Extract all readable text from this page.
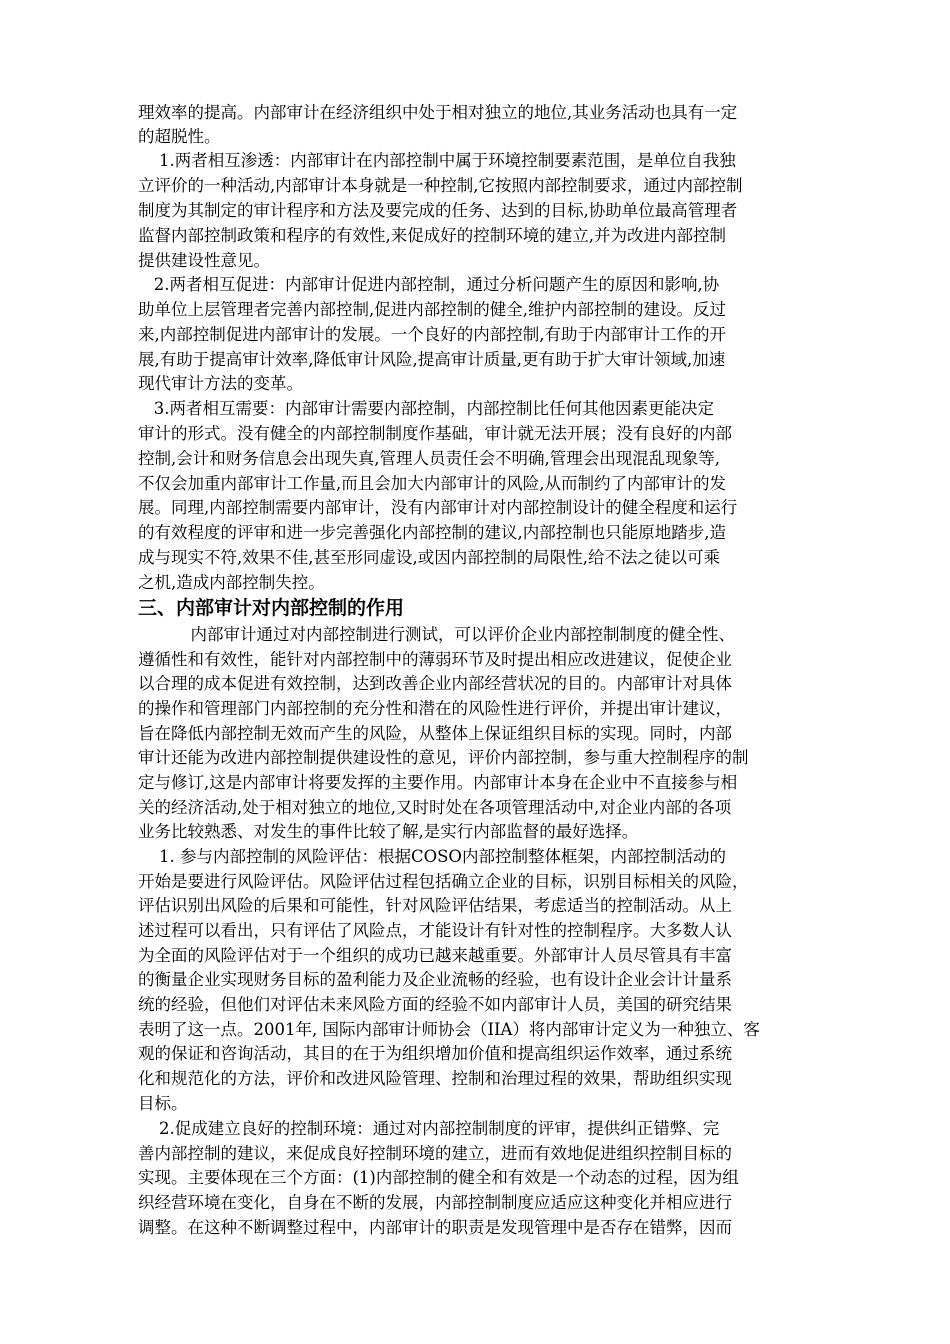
理效率的提高。内部审计在经济组织中处于相对独立的地位,其业务活动也具有一定
的超脱性。
1.两者相互渗透：内部审计在内部控制中属于环境控制要素范围，是单位自我独
立评价的一种活动,内部审计本身就是一种控制,它按照内部控制要求，通过内部控制
制度为其制定的审计程序和方法及要完成的任务、达到的目标,协助单位最高管理者
监督内部控制政策和程序的有效性,来促成好的控制环境的建立,并为改进内部控制
提供建设性意见。
2.两者相互促进：内部审计促进内部控制，通过分析问题产生的原因和影响,协
助单位上层管理者完善内部控制,促进内部控制的健全,维护内部控制的建设。反过
来,内部控制促进内部审计的发展。一个良好的内部控制,有助于内部审计工作的开
展,有助于提高审计效率,降低审计风险,提高审计质量,更有助于扩大审计领域,加速
现代审计方法的变革。
3.两者相互需要：内部审计需要内部控制，内部控制比任何其他因素更能决定
审计的形式。没有健全的内部控制制度作基础，审计就无法开展；没有良好的内部
控制,会计和财务信息会出现失真,管理人员责任会不明确,管理会出现混乱现象等,
不仅会加重内部审计工作量,而且会加大内部审计的风险,从而制约了内部审计的发
展。同理,内部控制需要内部审计，没有内部审计对内部控制设计的健全程度和运行
的有效程度的评审和进一步完善强化内部控制的建议,内部控制也只能原地踏步,造
成与现实不符,效果不佳,甚至形同虚设,或因内部控制的局限性,给不法之徒以可乘
之机,造成内部控制失控。
三、内部审计对内部控制的作用
内部审计通过对内部控制进行测试，可以评价企业内部控制制度的健全性、
遵循性和有效性，能针对内部控制中的薄弱环节及时提出相应改进建议，促使企业
以合理的成本促进有效控制，达到改善企业内部经营状况的目的。内部审计对具体
的操作和管理部门内部控制的充分性和潜在的风险性进行评价，并提出审计建议，
旨在降低内部控制无效而产生的风险，从整体上保证组织目标的实现。同时，内部
审计还能为改进内部控制提供建设性的意见，评价内部控制，参与重大控制程序的制
定与修订,这是内部审计将要发挥的主要作用。内部审计本身在企业中不直接参与相
关的经济活动,处于相对独立的地位,又时时处在各项管理活动中,对企业内部的各项
业务比较熟悉、对发生的事件比较了解,是实行内部监督的最好选择。
1. 参与内部控制的风险评估：根据COSO内部控制整体框架，内部控制活动的
开始是要进行风险评估。风险评估过程包括确立企业的目标，识别目标相关的风险，
评估识别出风险的后果和可能性，针对风险评估结果，考虑适当的控制活动。从上
述过程可以看出，只有评估了风险点，才能设计有针对性的控制程序。大多数人认
为全面的风险评估对于一个组织的成功已越来越重要。外部审计人员尽管具有丰富
的衡量企业实现财务目标的盈利能力及企业流畅的经验，也有设计企业会计计量系
统的经验，但他们对评估未来风险方面的经验不如内部审计人员，美国的研究结果
表明了这一点。2001年, 国际内部审计师协会（IIA）将内部审计定义为一种独立、客
观的保证和咨询活动，其目的在于为组织增加价值和提高组织运作效率，通过系统
化和规范化的方法，评价和改进风险管理、控制和治理过程的效果，帮助组织实现
目标。
2.促成建立良好的控制环境：通过对内部控制制度的评审，提供纠正错弊、完
善内部控制的建议，来促成良好控制环境的建立，进而有效地促进组织控制目标的
实现。主要体现在三个方面：(1)内部控制的健全和有效是一个动态的过程，因为组
织经营环境在变化，自身在不断的发展，内部控制制度应适应这种变化并相应进行
调整。在这种不断调整过程中，内部审计的职责是发现管理中是否存在错弊，因而
